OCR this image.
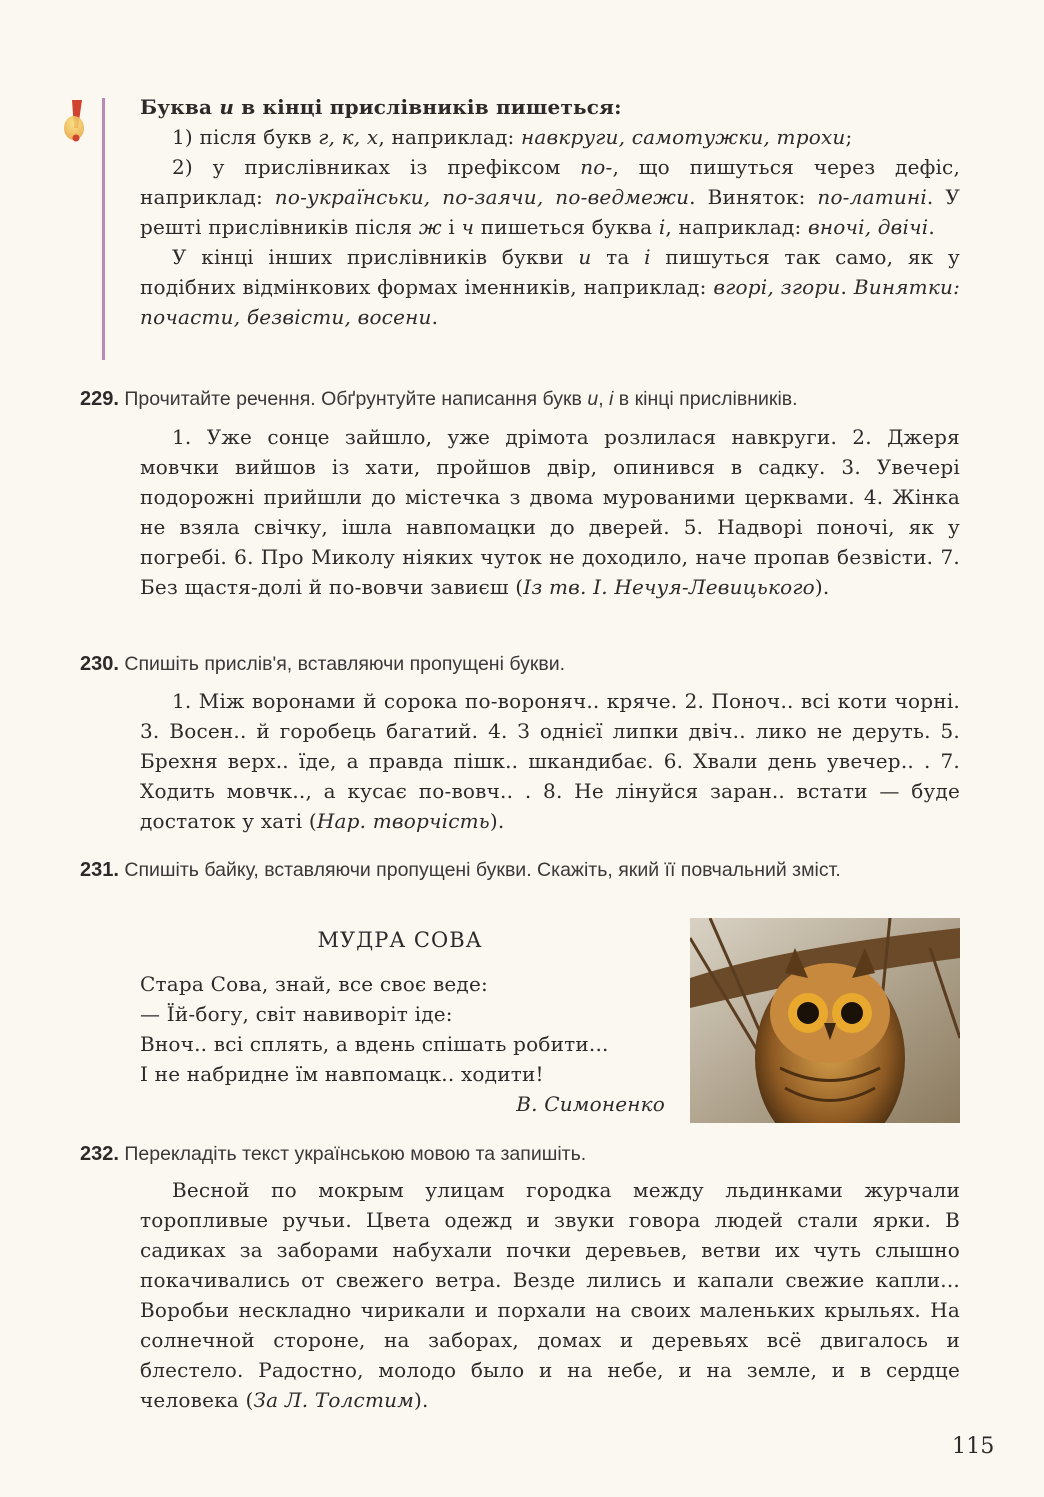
Буква и в кінці прислівників пишеться:

1) після букв г, к, х, наприклад: навкруги, самотужки, трохи;

2) у прислівниках із префіксом по-, що пишуться через дефіс, наприклад: по-українськи, по-заячи, по-ведмежи. Виняток: по-латині. У решті прислівників після ж і ч пишеться буква і, наприклад: вночі, двічі.

У кінці інших прислівників букви и та і пишуться так само, як у подібних відмінкових формах іменників, наприклад: вгорі, згори. Винятки: почасти, безвісти, восени.

229. Прочитайте речення. Обґрунтуйте написання букв и, і в кінці прислівників.

1. Уже сонце зайшло, уже дрімота розлилася навкруги. 2. Джеря мовчки вийшов із хати, пройшов двір, опинився в садку. 3. Увечері подорожні прийшли до містечка з двома мурованими церквами. 4. Жінка не взяла свічку, ішла навпомацки до дверей. 5. Надворі поночі, як у погребі. 6. Про Миколу ніяких чуток не доходило, наче пропав безвісти. 7. Без щастя-долі й по-вовчи завиєш (Із тв. І. Нечуя-Левицького).

230. Спишіть прислів'я, вставляючи пропущені букви.

1. Між воронами й сорока по-вороняч.. кряче. 2. Поноч.. всі коти чорні. 3. Восен.. й горобець багатий. 4. З однієї липки двіч.. лико не деруть. 5. Брехня верх.. їде, а правда пішк.. шкандибає. 6. Хвали день увечер.. . 7. Ходить мовчк.., а кусає по-вовч.. . 8. Не лінуйся зaран.. встати — буде достаток у хаті (Нар. творчість).

231. Спишіть байку, вставляючи пропущені букви. Скажіть, який її повчальний зміст.
МУДРА СОВА
Стара Сова, знай, все своє веде:
— Їй-богу, світ навиворіт іде:
Вноч.. всі сплять, а вдень спішать робити...
І не набридне їм навпомацк.. ходити!
В. Симоненко
232. Перекладіть текст українською мовою та запишіть.

Весной по мокрым улицам городка между льдинками журчали торопливые ручьи. Цвета одежд и звуки говора людей стали ярки. В садиках за заборами набухали почки деревьев, ветви их чуть слышно покачивались от свежего ветра. Везде лились и капали свежие капли... Воробьи нескладно чирикали и порхали на своих маленьких крыльях. На солнечной стороне, на заборах, домах и деревьях всё двигалось и блестело. Радостно, молодо было и на небе, и на земле, и в сердце человека (За Л. Толстим).

115
